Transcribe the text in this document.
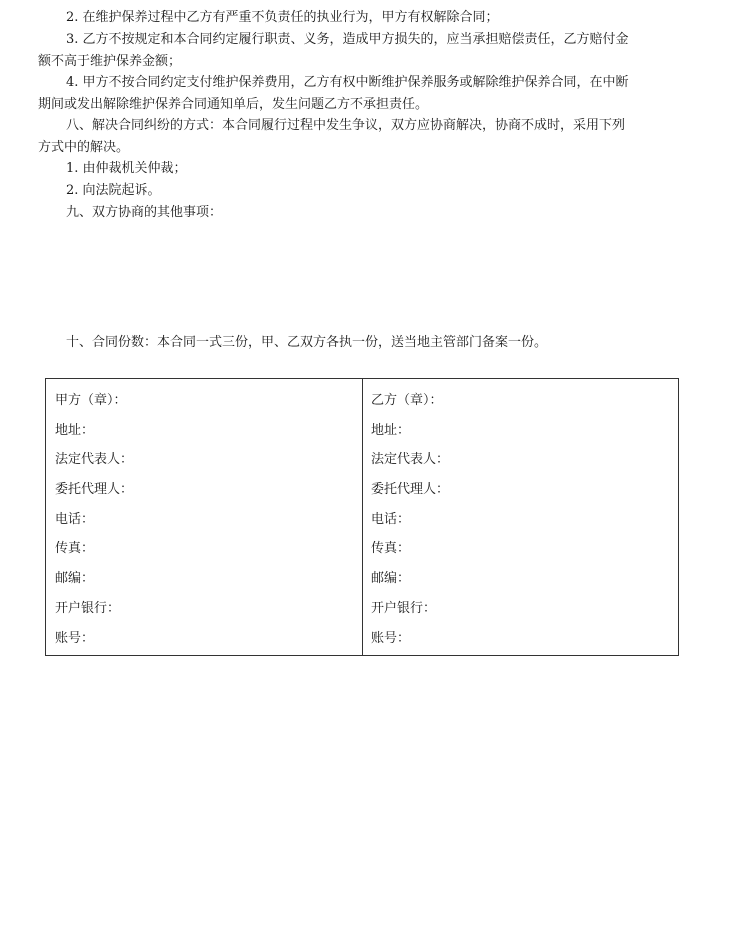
2. 在维护保养过程中乙方有严重不负责任的执业行为，甲方有权解除合同；
3. 乙方不按规定和本合同约定履行职责、义务，造成甲方损失的，应当承担赔偿责任，乙方赔付金
额不高于维护保养金额；
4. 甲方不按合同约定支付维护保养费用，乙方有权中断维护保养服务或解除维护保养合同，在中断
期间或发出解除维护保养合同通知单后，发生问题乙方不承担责任。
八、解决合同纠纷的方式：本合同履行过程中发生争议，双方应协商解决，协商不成时，采用下列
方式中的解决。
1. 由仲裁机关仲裁；
2. 向法院起诉。
九、双方协商的其他事项：
十、合同份数：本合同一式三份，甲、乙双方各执一份，送当地主管部门备案一份。
甲方（章）：
地址：
法定代表人：
委托代理人：
电话：
传真：
邮编：
开户银行：
账号：
乙方（章）：
地址：
法定代表人：
委托代理人：
电话：
传真：
邮编：
开户银行：
账号：
